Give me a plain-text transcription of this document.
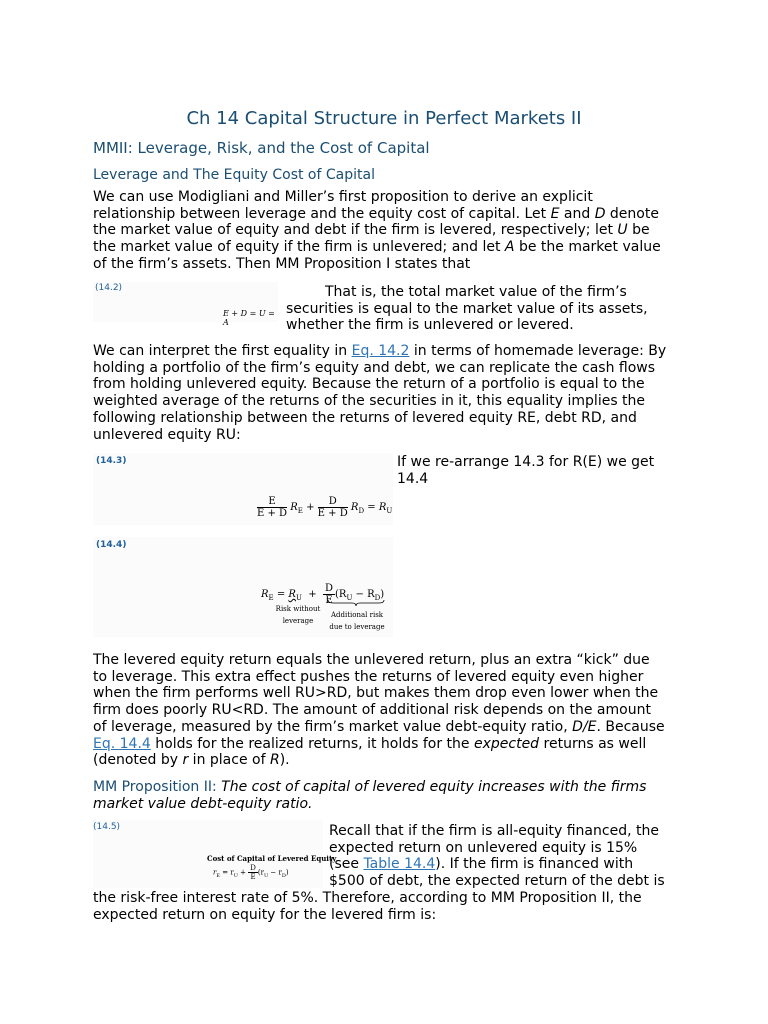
Ch 14 Capital Structure in Perfect Markets II
MMII: Leverage, Risk, and the Cost of Capital
Leverage and The Equity Cost of Capital
We can use Modigliani and Miller’s first proposition to derive an explicit
relationship between leverage and the equity cost of capital. Let E and D denote
the market value of equity and debt if the firm is levered, respectively; let U be
the market value of equity if the firm is unlevered; and let A be the market value
of the firm’s assets. Then MM Proposition I states that
(14.2)
E + D = U = A
That is, the total market value of the firm’s
securities is equal to the market value of its assets,
whether the firm is unlevered or levered.
We can interpret the first equality in Eq. 14.2 in terms of homemade leverage: By
holding a portfolio of the firm’s equity and debt, we can replicate the cash flows
from holding unlevered equity. Because the return of a portfolio is equal to the
weighted average of the returns of the securities in it, this equality implies the
following relationship between the returns of levered equity RE, debt RD, and
unlevered equity RU:
(14.3)
$\frac{E}{E + D} R_E + \frac{D}{E + D} R_D = R_U$
If we re-arrange 14.3 for R(E) we get
14.4
(14.4)
$R_E = R_U + \frac{D}{E} (R_U - R_D)$
Risk without
leverage
Additional risk
due to leverage
The levered equity return equals the unlevered return, plus an extra “kick” due
to leverage. This extra effect pushes the returns of levered equity even higher
when the firm performs well RU>RD, but makes them drop even lower when the
firm does poorly RU<RD. The amount of additional risk depends on the amount
of leverage, measured by the firm’s market value debt-equity ratio, D/E. Because
Eq. 14.4 holds for the realized returns, it holds for the expected returns as well
(denoted by r in place of R).
MM Proposition II: The cost of capital of levered equity increases with the firms
market value debt-equity ratio.
(14.5)
Cost of Capital of Levered Equity
$r_E = r_U + \frac{D}{E} (r_U - r_D)$
Recall that if the firm is all-equity financed, the
expected return on unlevered equity is 15%
(see Table 14.4). If the firm is financed with
$500 of debt, the expected return of the debt is
the risk-free interest rate of 5%. Therefore, according to MM Proposition II, the
expected return on equity for the levered firm is:
